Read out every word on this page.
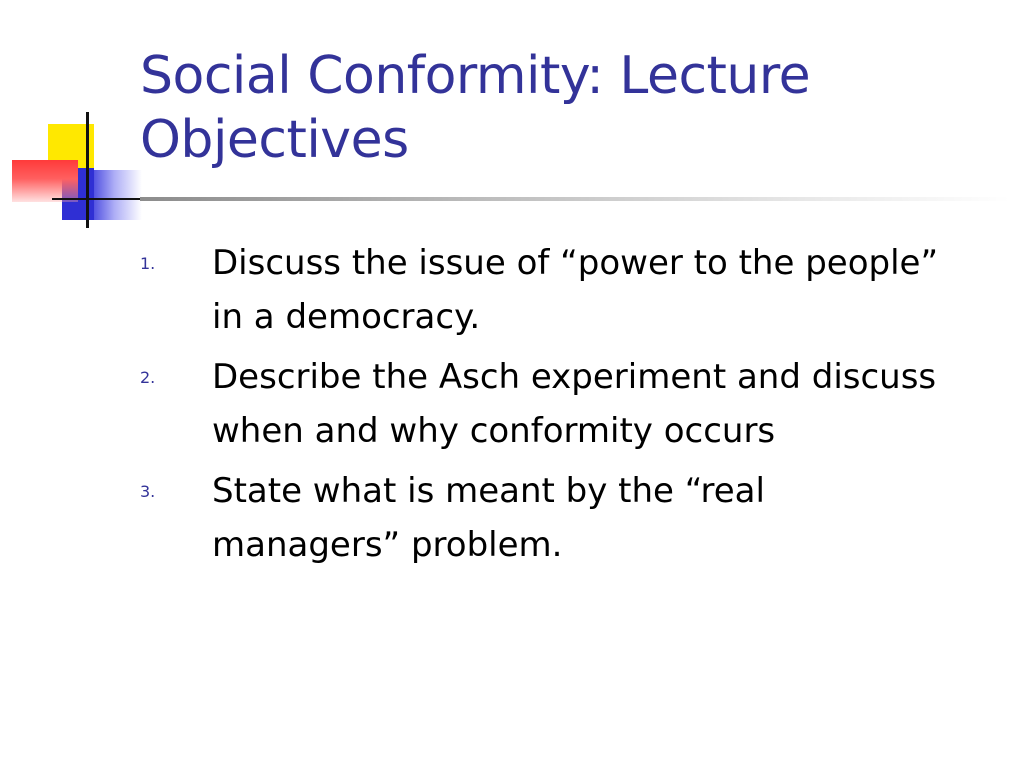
Social Conformity: Lecture Objectives
1. Discuss the issue of “power to the people” in a democracy.
2. Describe the Asch experiment and discuss when and why conformity occurs
3. State what is meant by the “real managers” problem.
